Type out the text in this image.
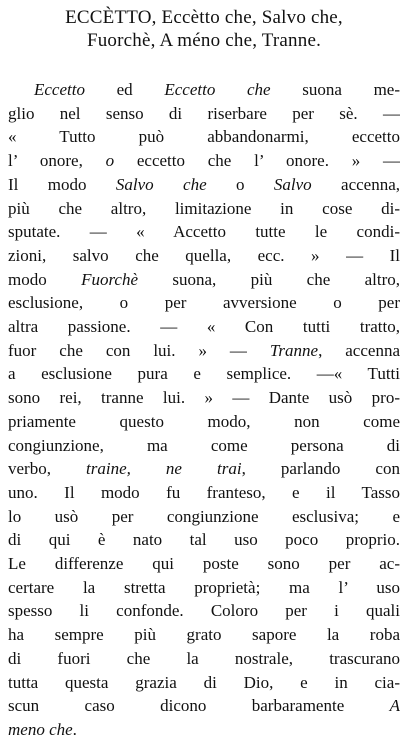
ECCÈTTO, Eccètto che, Salvo che,
Fuorchè, A méno che, Tranne.
Eccetto ed Eccetto che suona me-
glio nel senso di riserbare per sè. —
« Tutto può abbandonarmi, eccetto
l’ onore, o eccetto che l’ onore. » —
Il modo Salvo che o Salvo accenna,
più che altro, limitazione in cose di-
sputate. — « Accetto tutte le condi-
zioni, salvo che quella, ecc. » — Il
modo Fuorchè suona, più che altro,
esclusione, o per avversione o per
altra passione. — « Con tutti tratto,
fuor che con lui. » — Tranne, accenna
a esclusione pura e semplice. —« Tutti
sono rei, tranne lui. » — Dante usò pro-
priamente questo modo, non come
congiunzione, ma come persona di
verbo, traine, ne trai, parlando con
uno. Il modo fu franteso, e il Tasso
lo usò per congiunzione esclusiva; e
di qui è nato tal uso poco proprio.
Le differenze qui poste sono per ac-
certare la stretta proprietà; ma l’ uso
spesso li confonde. Coloro per i quali
ha sempre più grato sapore la roba
di fuori che la nostrale, trascurano
tutta questa grazia di Dio, e in cia-
scun caso dicono barbaramente A
meno che.
